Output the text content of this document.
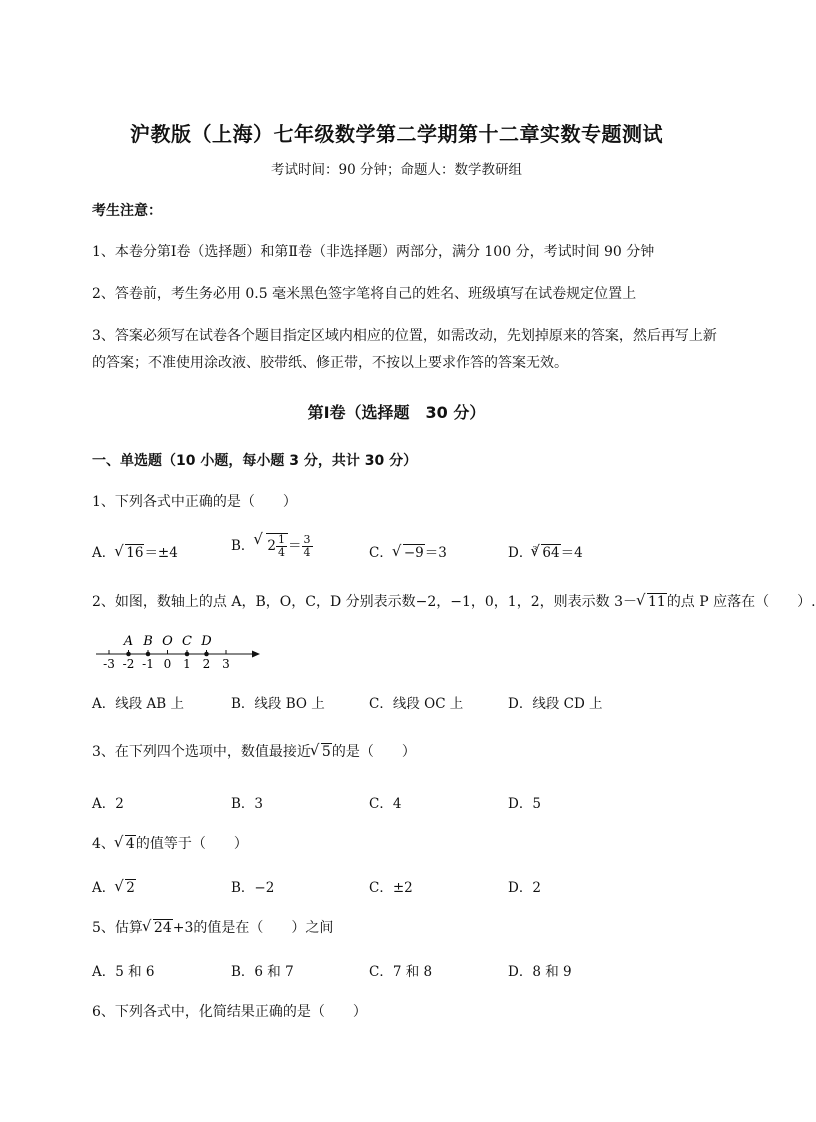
沪教版（上海）七年级数学第二学期第十二章实数专题测试
考试时间：90 分钟；命题人：数学教研组
考生注意：
1、本卷分第Ⅰ卷（选择题）和第Ⅱ卷（非选择题）两部分，满分 100 分，考试时间 90 分钟
2、答卷前，考生务必用 0.5 毫米黑色签字笔将自己的姓名、班级填写在试卷规定位置上
3、答案必须写在试卷各个题目指定区域内相应的位置，如需改动，先划掉原来的答案，然后再写上新
的答案；不准使用涂改液、胶带纸、修正带，不按以上要求作答的答案无效。
第Ⅰ卷（选择题　30 分）
一、单选题（10 小题，每小题 3 分，共计 30 分）
1、下列各式中正确的是（　　）
A． √ 16＝±4	B． √ $2 \frac{1}{4} = \frac{3}{4}$	C． √ −9＝3	D．$^3$ √ 64＝4
2、如图，数轴上的点 A，B，O，C，D 分别表示数−2，−1，0，1，2，则表示数 3－ √ 11的点 P 应落在（　　）.
-3 -2 -1 0 1 2 3
A B O C D
A．线段 AB 上	B．线段 BO 上	C．线段 OC 上	D．线段 CD 上
3、在下列四个选项中，数值最接近 √ 5的是（　　）
A．2	B．3	C．4	D．5
4、 √ 4的值等于（　　）
A． √ 2	B．−2	C．±2	D．2
5、估算 √ 24+3的值是在（　　）之间
A．5 和 6	B．6 和 7	C．7 和 8	D．8 和 9
6、下列各式中，化简结果正确的是（　　）
